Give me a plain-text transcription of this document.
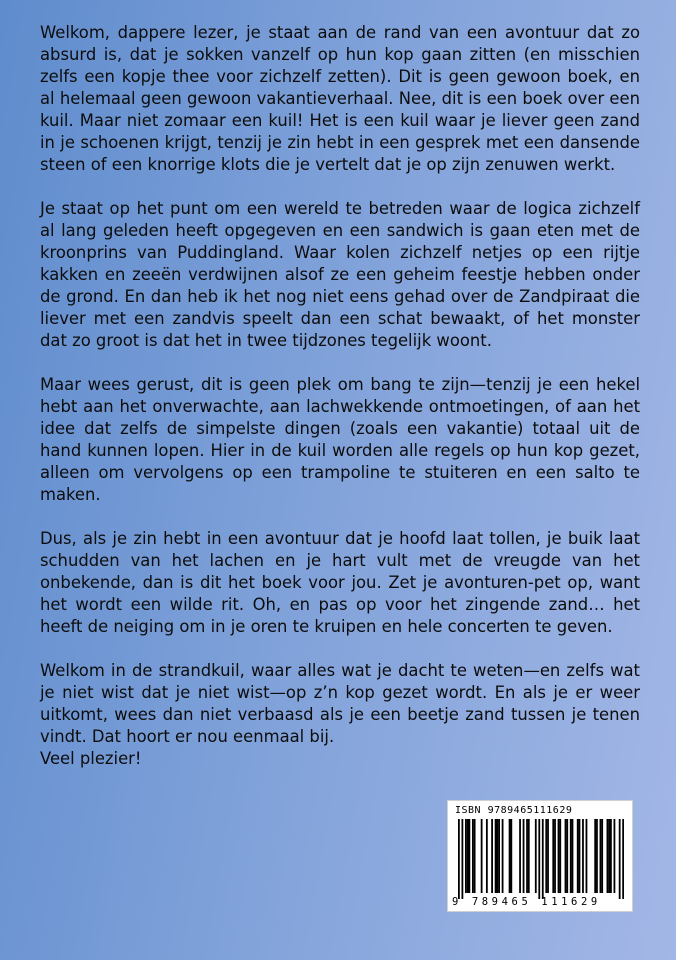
Welkom, dappere lezer, je staat aan de rand van een avontuur dat zo absurd is, dat je sokken vanzelf op hun kop gaan zitten (en misschien zelfs een kopje thee voor zichzelf zetten). Dit is geen gewoon boek, en al helemaal geen gewoon vakantieverhaal. Nee, dit is een boek over een kuil. Maar niet zomaar een kuil! Het is een kuil waar je liever geen zand in je schoenen krijgt, tenzij je zin hebt in een gesprek met een dansende steen of een knorrige klots die je vertelt dat je op zijn zenuwen werkt.

Je staat op het punt om een wereld te betreden waar de logica zichzelf al lang geleden heeft opgegeven en een sandwich is gaan eten met de kroonprins van Puddingland. Waar kolen zichzelf netjes op een rijtje kakken en zeeën verdwijnen alsof ze een geheim feestje hebben onder de grond. En dan heb ik het nog niet eens gehad over de Zandpiraat die liever met een zandvis speelt dan een schat bewaakt, of het monster dat zo groot is dat het in twee tijdzones tegelijk woont.

Maar wees gerust, dit is geen plek om bang te zijn—tenzij je een hekel hebt aan het onverwachte, aan lachwekkende ontmoetingen, of aan het idee dat zelfs de simpelste dingen (zoals een vakantie) totaal uit de hand kunnen lopen. Hier in de kuil worden alle regels op hun kop gezet, alleen om vervolgens op een trampoline te stuiteren en een salto te maken.

Dus, als je zin hebt in een avontuur dat je hoofd laat tollen, je buik laat schudden van het lachen en je hart vult met de vreugde van het onbekende, dan is dit het boek voor jou. Zet je avonturen-pet op, want het wordt een wilde rit. Oh, en pas op voor het zingende zand… het heeft de neiging om in je oren te kruipen en hele concerten te geven.

Welkom in de strandkuil, waar alles wat je dacht te weten—en zelfs wat je niet wist dat je niet wist—op z’n kop gezet wordt. En als je er weer uitkomt, wees dan niet verbaasd als je een beetje zand tussen je tenen vindt. Dat hoort er nou eenmaal bij.

Veel plezier!

ISBN 9789465111629
9 789465 111629
